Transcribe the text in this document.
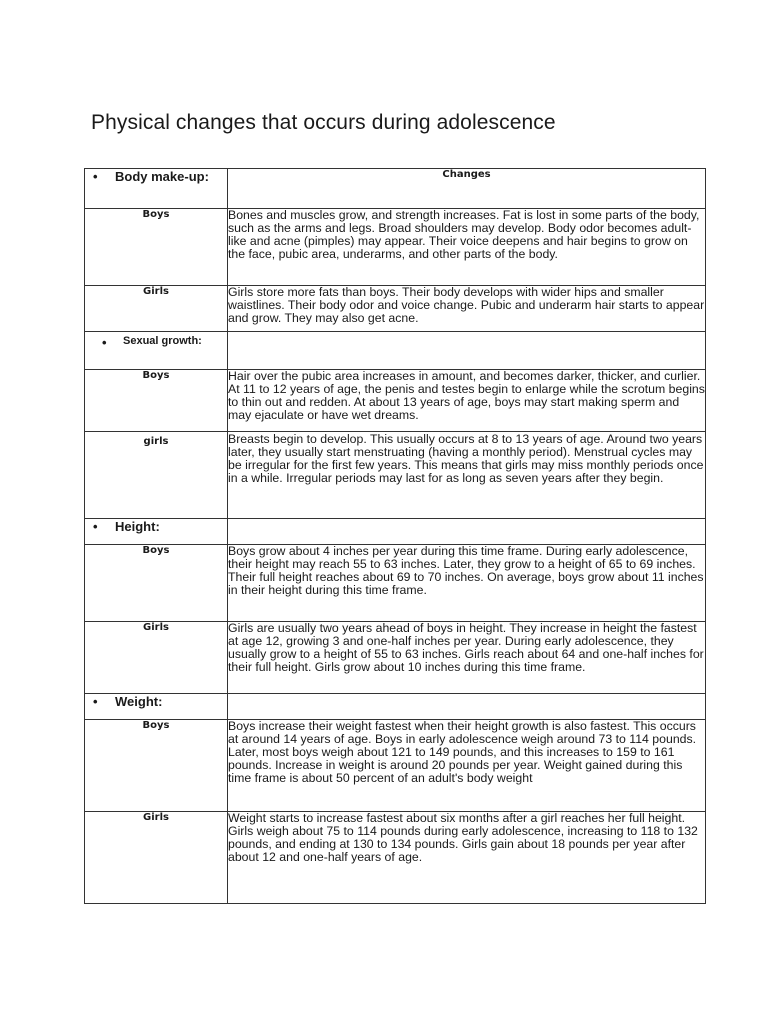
Physical changes that occurs during adolescence
• Body make-up:	Changes
Boys	Bones and muscles grow, and strength increases. Fat is lost in some parts of the body, such as the arms and legs. Broad shoulders may develop. Body odor becomes adult-like and acne (pimples) may appear. Their voice deepens and hair begins to grow on the face, pubic area, underarms, and other parts of the body.
Girls	Girls store more fats than boys. Their body develops with wider hips and smaller waistlines. Their body odor and voice change. Pubic and underarm hair starts to appear and grow. They may also get acne.

• Sexual growth:	

Boys	Hair over the pubic area increases in amount, and becomes darker, thicker, and curlier. At 11 to 12 years of age, the penis and testes begin to enlarge while the scrotum begins to thin out and redden. At about 13 years of age, boys may start making sperm and may ejaculate or have wet dreams.
girls	Breasts begin to develop. This usually occurs at 8 to 13 years of age. Around two years later, they usually start menstruating (having a monthly period). Menstrual cycles may be irregular for the first few years. This means that girls may miss monthly periods once in a while. Irregular periods may last for as long as seven years after they begin.

• Height:	

Boys	Boys grow about 4 inches per year during this time frame. During early adolescence, their height may reach 55 to 63 inches. Later, they grow to a height of 65 to 69 inches. Their full height reaches about 69 to 70 inches. On average, boys grow about 11 inches in their height during this time frame.
Girls	Girls are usually two years ahead of boys in height. They increase in height the fastest at age 12, growing 3 and one-half inches per year. During early adolescence, they usually grow to a height of 55 to 63 inches. Girls reach about 64 and one-half inches for their full height. Girls grow about 10 inches during this time frame.

• Weight:	

Boys	Boys increase their weight fastest when their height growth is also fastest. This occurs at around 14 years of age. Boys in early adolescence weigh around 73 to 114 pounds. Later, most boys weigh about 121 to 149 pounds, and this increases to 159 to 161 pounds. Increase in weight is around 20 pounds per year. Weight gained during this time frame is about 50 percent of an adult's body weight
Girls	Weight starts to increase fastest about six months after a girl reaches her full height. Girls weigh about 75 to 114 pounds during early adolescence, increasing to 118 to 132 pounds, and ending at 130 to 134 pounds. Girls gain about 18 pounds per year after about 12 and one-half years of age.
